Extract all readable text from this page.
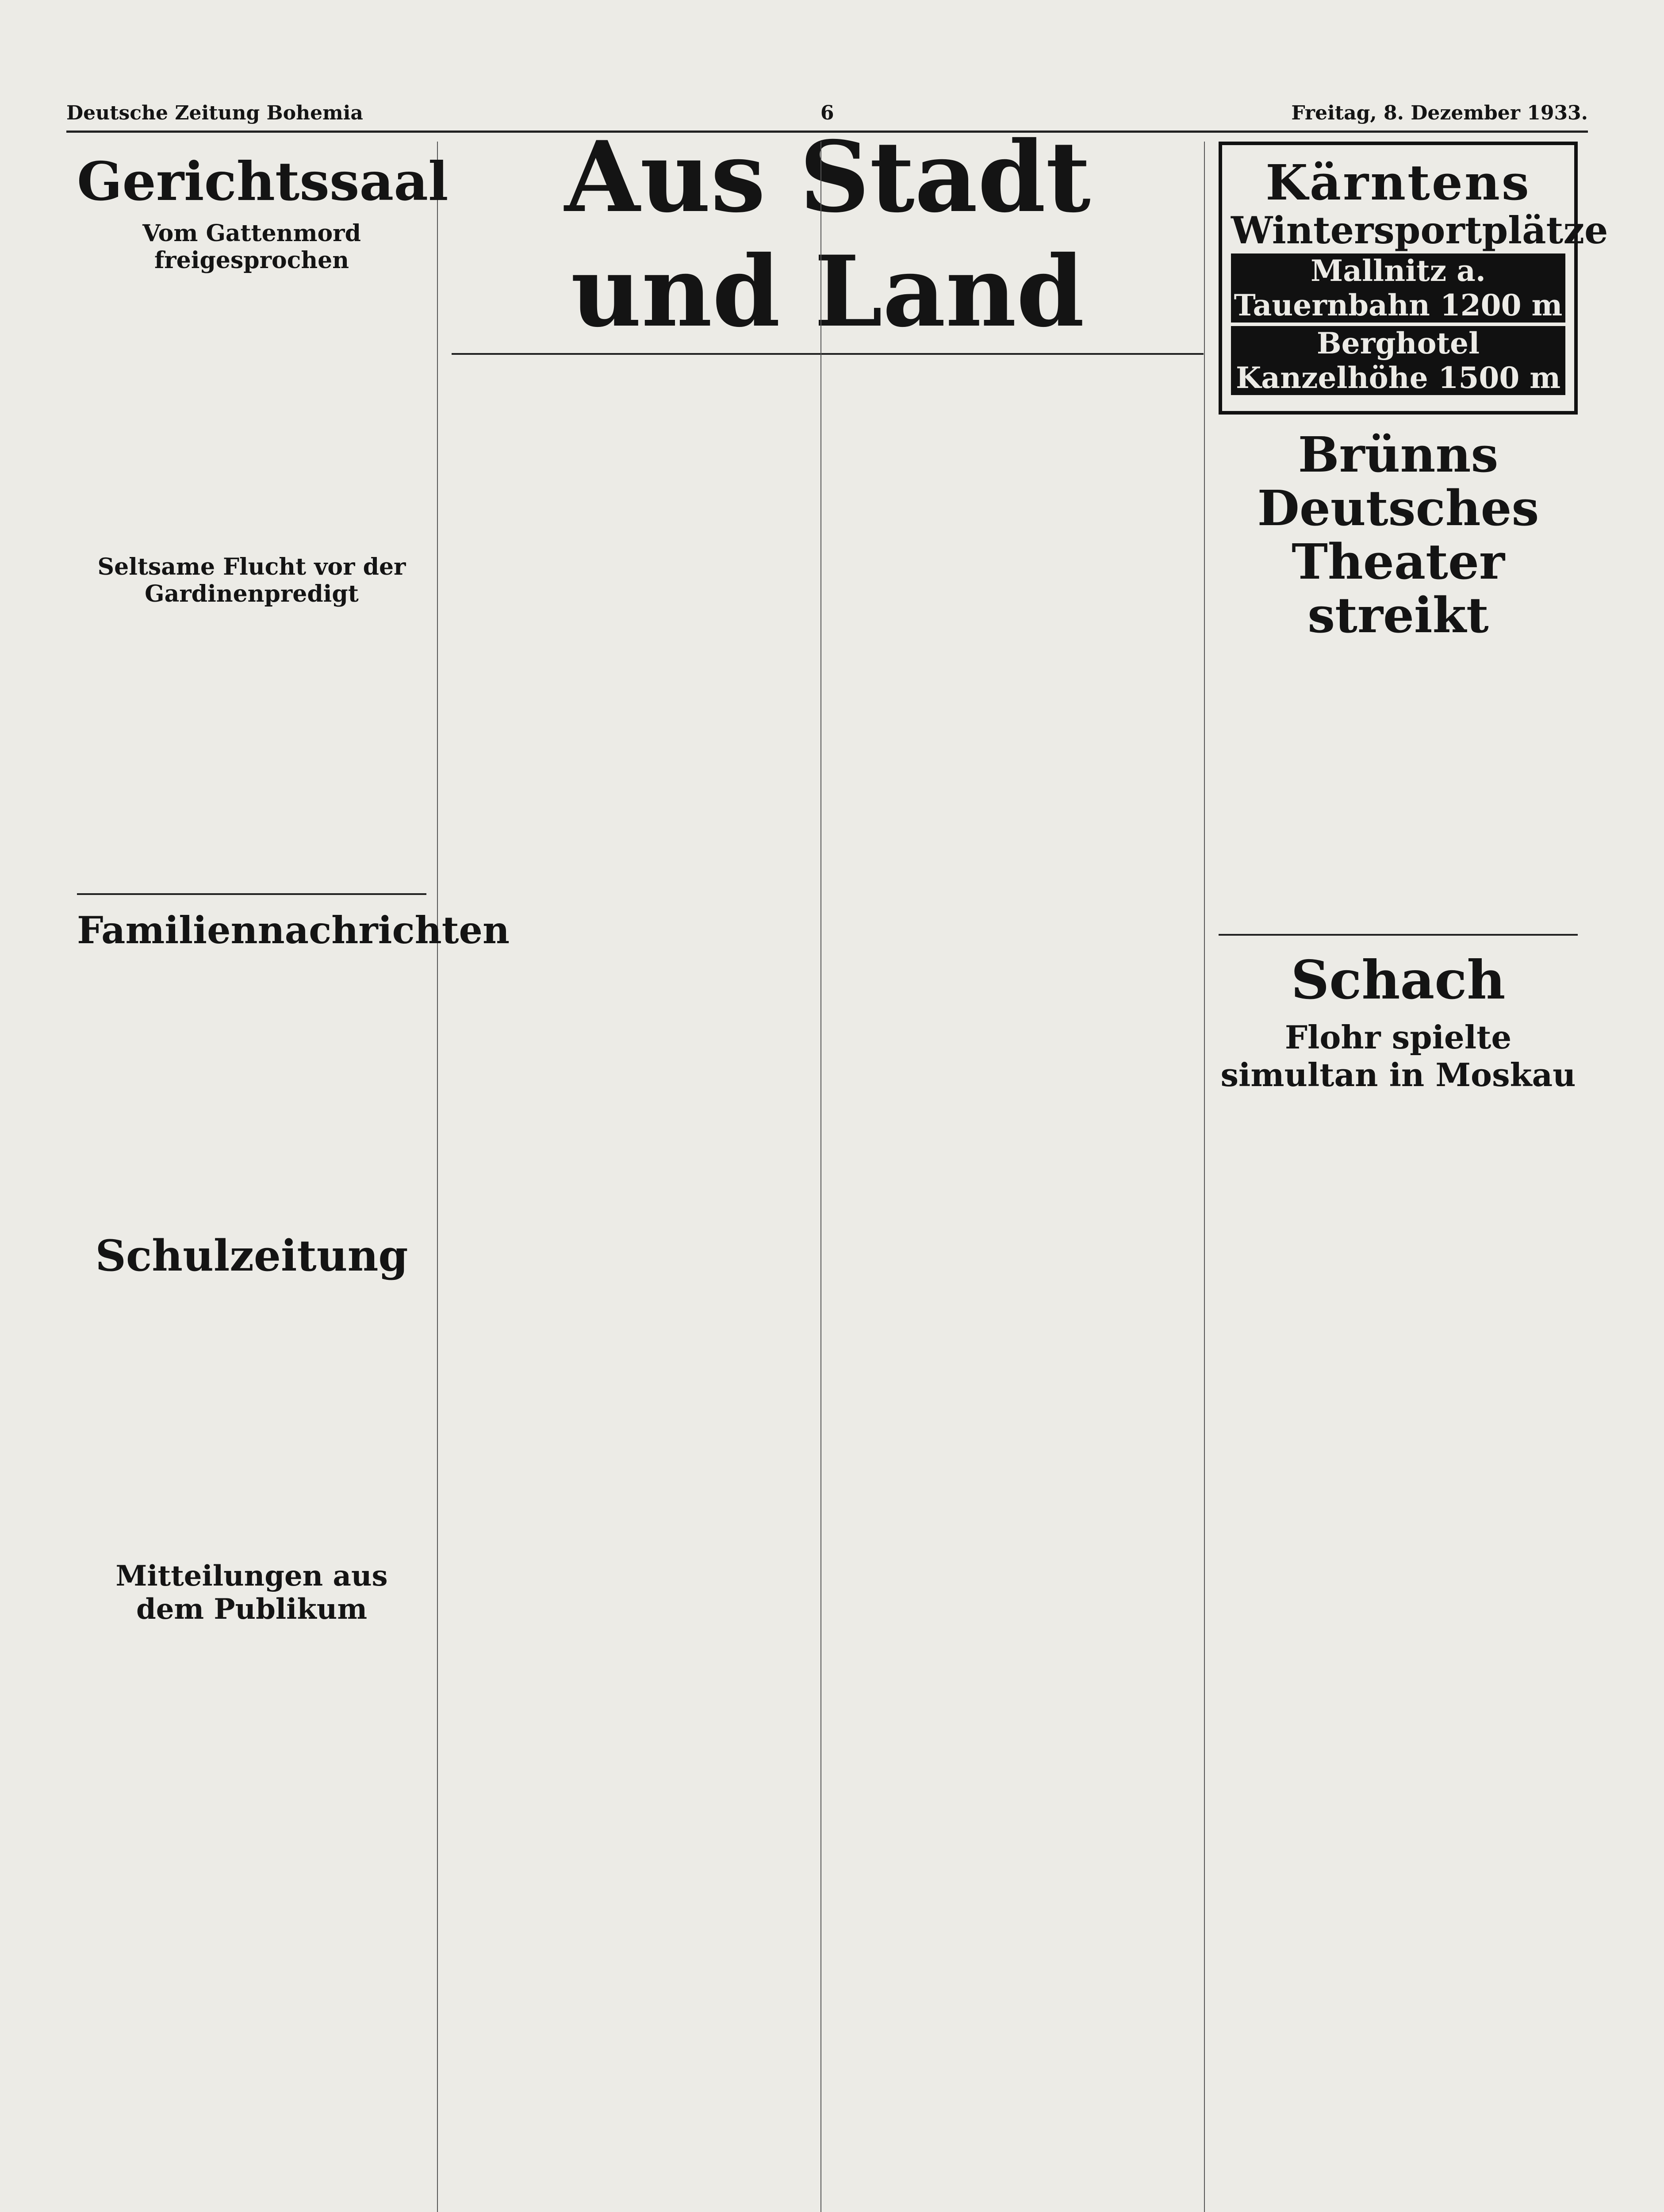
Deutsche Zeitung Bohemia	6	Freitag, 8. Dezember 1933.
Aus Stadt und Land
Gerichtssaal
Vom Gattenmord freigesprochen
Seltsame Flucht vor der Gardinenpredigt
Familiennachrichten
Schulzeitung
Mitteilungen aus dem Publikum
Kärntens
Wintersportplätze
Mallnitz a. Tauernbahn 1200 m
Berghotel Kanzelhöhe 1500 m
Brünns Deutsches Theater streikt
Schach
Flohr spielte simultan in Moskau
